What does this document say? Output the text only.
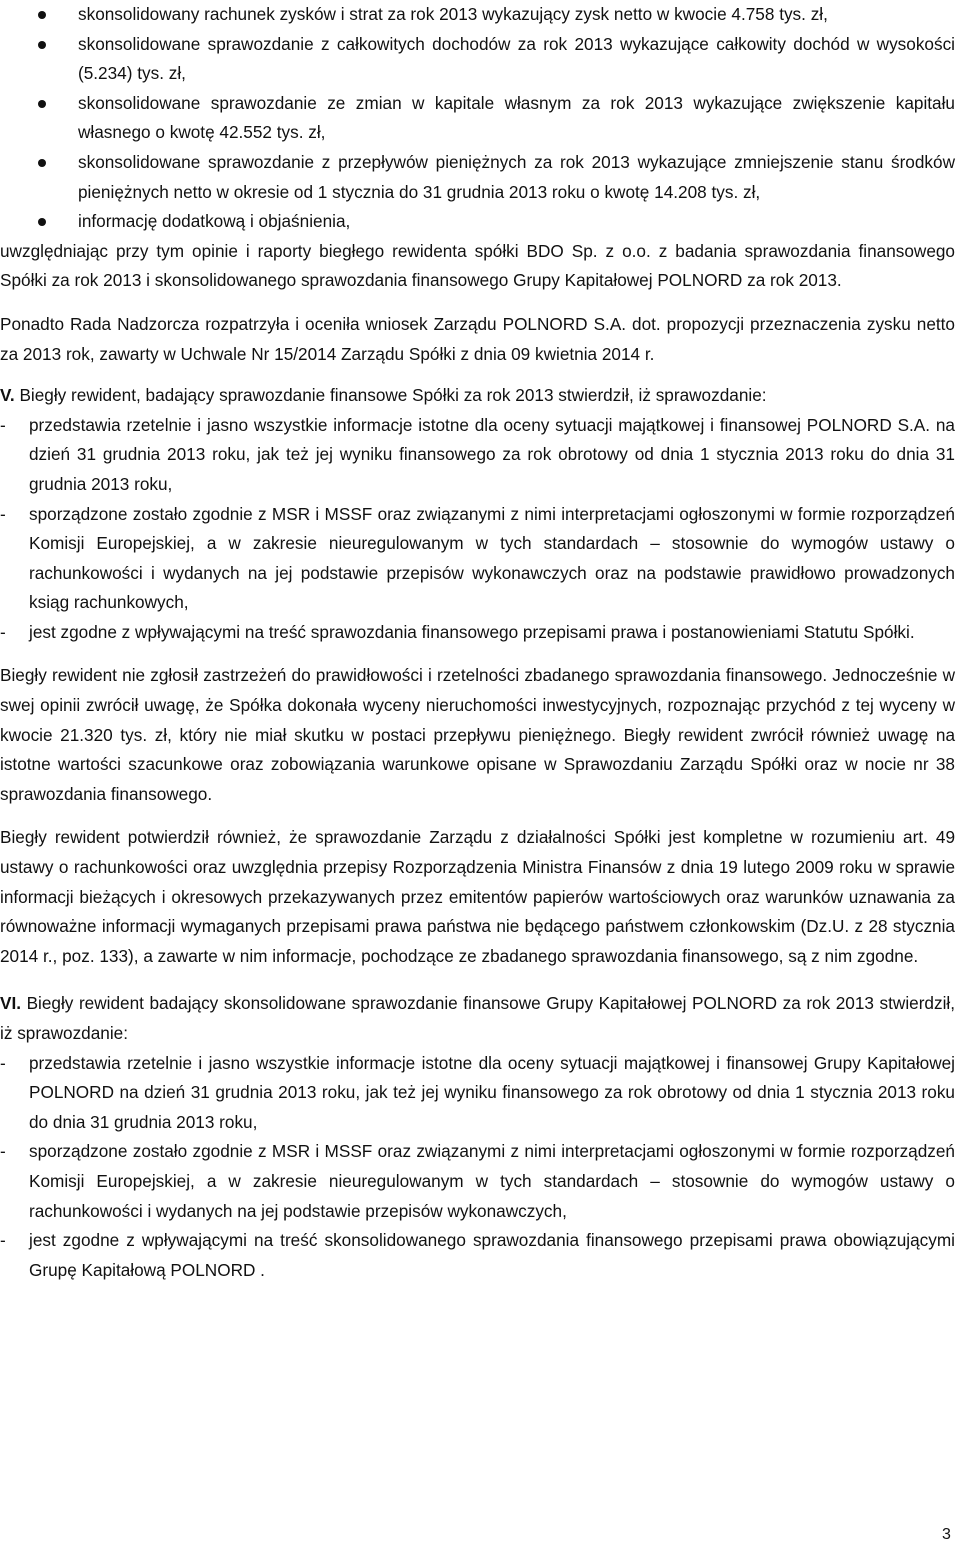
skonsolidowany rachunek zysków i strat za rok 2013 wykazujący zysk netto w kwocie 4.758 tys. zł,
skonsolidowane sprawozdanie z całkowitych dochodów za rok 2013 wykazujące całkowity dochód w wysokości (5.234) tys. zł,
skonsolidowane sprawozdanie ze zmian w kapitale własnym za rok 2013 wykazujące zwiększenie kapitału własnego o kwotę 42.552 tys. zł,
skonsolidowane sprawozdanie z przepływów pieniężnych za rok 2013 wykazujące zmniejszenie stanu środków pieniężnych netto w okresie od 1 stycznia do 31 grudnia 2013 roku o kwotę 14.208 tys. zł,
informację dodatkową i objaśnienia,

uwzględniając przy tym opinie i raporty biegłego rewidenta spółki BDO Sp. z o.o. z badania sprawozdania finansowego Spółki za rok 2013 i skonsolidowanego sprawozdania finansowego Grupy Kapitałowej POLNORD za rok 2013.

Ponadto Rada Nadzorcza rozpatrzyła i oceniła wniosek Zarządu POLNORD S.A. dot. propozycji przeznaczenia zysku netto za 2013 rok, zawarty w Uchwale Nr 15/2014 Zarządu Spółki z dnia 09 kwietnia 2014 r.

V. Biegły rewident, badający sprawozdanie finansowe Spółki za rok 2013 stwierdził, iż sprawozdanie:

- przedstawia rzetelnie i jasno wszystkie informacje istotne dla oceny sytuacji majątkowej i finansowej POLNORD S.A. na dzień 31 grudnia 2013 roku, jak też jej wyniku finansowego za rok obrotowy od dnia 1 stycznia 2013 roku do dnia 31 grudnia 2013 roku,
- sporządzone zostało zgodnie z MSR i MSSF oraz związanymi z nimi interpretacjami ogłoszonymi w formie rozporządzeń Komisji Europejskiej, a w zakresie nieuregulowanym w tych standardach – stosownie do wymogów ustawy o rachunkowości i wydanych na jej podstawie przepisów wykonawczych oraz na podstawie prawidłowo prowadzonych ksiąg rachunkowych,
- jest zgodne z wpływającymi na treść sprawozdania finansowego przepisami prawa i postanowieniami Statutu Spółki.

Biegły rewident nie zgłosił zastrzeżeń do prawidłowości i rzetelności zbadanego sprawozdania finansowego. Jednocześnie w swej opinii zwrócił uwagę, że Spółka dokonała wyceny nieruchomości inwestycyjnych, rozpoznając przychód z tej wyceny w kwocie 21.320 tys. zł, który nie miał skutku w postaci przepływu pieniężnego. Biegły rewident zwrócił również uwagę na istotne wartości szacunkowe oraz zobowiązania warunkowe opisane w Sprawozdaniu Zarządu Spółki oraz w nocie nr 38 sprawozdania finansowego.

Biegły rewident potwierdził również, że sprawozdanie Zarządu z działalności Spółki jest kompletne w rozumieniu art. 49 ustawy o rachunkowości oraz uwzględnia przepisy Rozporządzenia Ministra Finansów z dnia 19 lutego 2009 roku w sprawie informacji bieżących i okresowych przekazywanych przez emitentów papierów wartościowych oraz warunków uznawania za równoważne informacji wymaganych przepisami prawa państwa nie będącego państwem członkowskim (Dz.U. z 28 stycznia 2014 r., poz. 133), a zawarte w nim informacje, pochodzące ze zbadanego sprawozdania finansowego, są z nim zgodne.

VI. Biegły rewident badający skonsolidowane sprawozdanie finansowe Grupy Kapitałowej POLNORD za rok 2013 stwierdził, iż sprawozdanie:

- przedstawia rzetelnie i jasno wszystkie informacje istotne dla oceny sytuacji majątkowej i finansowej Grupy Kapitałowej POLNORD na dzień 31 grudnia 2013 roku, jak też jej wyniku finansowego za rok obrotowy od dnia 1 stycznia 2013 roku do dnia 31 grudnia 2013 roku,
- sporządzone zostało zgodnie z MSR i MSSF oraz związanymi z nimi interpretacjami ogłoszonymi w formie rozporządzeń Komisji Europejskiej, a w zakresie nieuregulowanym w tych standardach – stosownie do wymogów ustawy o rachunkowości i wydanych na jej podstawie przepisów wykonawczych,
- jest zgodne z wpływającymi na treść skonsolidowanego sprawozdania finansowego przepisami prawa obowiązującymi Grupę Kapitałową POLNORD .
3
